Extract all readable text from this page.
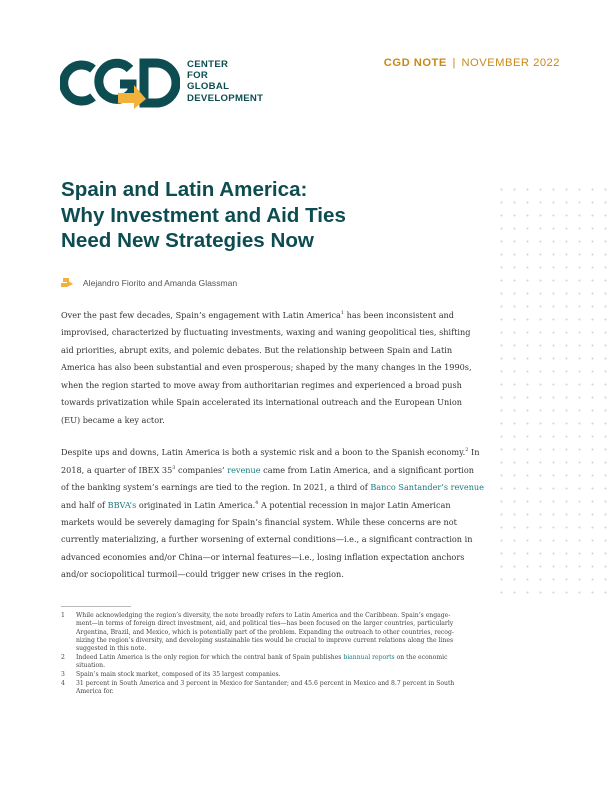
CENTER
FOR
GLOBAL
DEVELOPMENT
CGD NOTE | NOVEMBER 2022
Spain and Latin America:
Why Investment and Aid Ties
Need New Strategies Now
Alejandro Fiorito and Amanda Glassman

Over the past few decades, Spain’s engagement with Latin America$^1$ has been inconsistent and
improvised, characterized by fluctuating investments, waxing and waning geopolitical ties, shifting
aid priorities, abrupt exits, and polemic debates. But the relationship between Spain and Latin
America has also been substantial and even prosperous; shaped by the many changes in the 1990s,
when the region started to move away from authoritarian regimes and experienced a broad push
towards privatization while Spain accelerated its international outreach and the European Union
(EU) became a key actor.

Despite ups and downs, Latin America is both a systemic risk and a boon to the Spanish economy.$^2$ In
2018, a quarter of IBEX $35^3$ companies’ revenue came from Latin America, and a significant portion
of the banking system’s earnings are tied to the region. In 2021, a third of Banco Santander’s revenue
and half of BBVA’s originated in Latin America.$^4$ A potential recession in major Latin American
markets would be severely damaging for Spain’s financial system. While these concerns are not
currently materializing, a further worsening of external conditions—i.e., a significant contraction in
advanced economies and/or China—or internal features—i.e., losing inflation expectation anchors
and/or sociopolitical turmoil—could trigger new crises in the region.

1	While acknowledging the region’s diversity, the note broadly refers to Latin America and the Caribbean. Spain’s engage-
ment—in terms of foreign direct investment, aid, and political ties—has been focused on the larger countries, particularly
Argentina, Brazil, and Mexico, which is potentially part of the problem. Expanding the outreach to other countries, recog-
nizing the region’s diversity, and developing sustainable ties would be crucial to improve current relations along the lines
suggested in this note.
2	Indeed Latin America is the only region for which the central bank of Spain publishes biannual reports on the economic
situation.
3	Spain’s main stock market, composed of its 35 largest companies.
4	31 percent in South America and 3 percent in Mexico for Santander; and 45.6 percent in Mexico and 8.7 percent in South
America for.
